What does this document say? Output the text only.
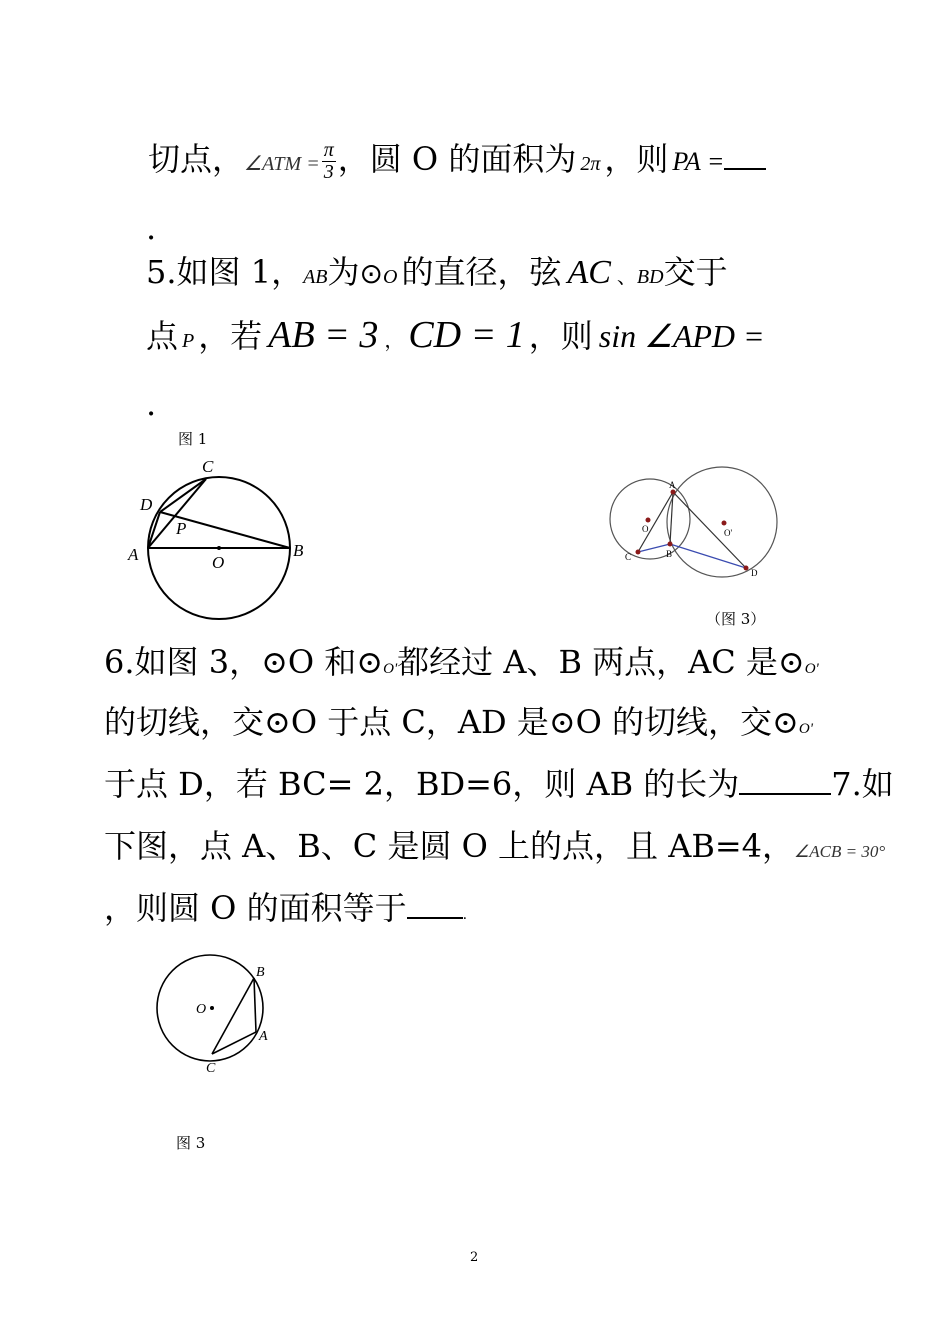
切点，∠ATM = $\frac{\pi}{3}$ ，圆 O 的面积为 2π ，则 PA =
.
5.如图 1，AB为⊙O 的直径，弦 AC 、BD交于
点 P ，若 AB = 3 ， CD = 1 ，则 sin ∠APD =
.
图 1
C
D
P
A	O
B
A
O	O'
C	B
D
（图 3）
6.如图 3，⊙O 和⊙O'都经过 A、B 两点，AC 是⊙O'
的切线，交⊙O 于点 C，AD 是⊙O 的切线，交⊙O'
于点 D，若 BC= 2，BD=6，则 AB 的长为	7.如
下图，点 A、B、C 是圆 O 上的点，且 AB=4，∠ACB = 30°
，则圆 O 的面积等于	.
B
O
A
C
图 3
2
